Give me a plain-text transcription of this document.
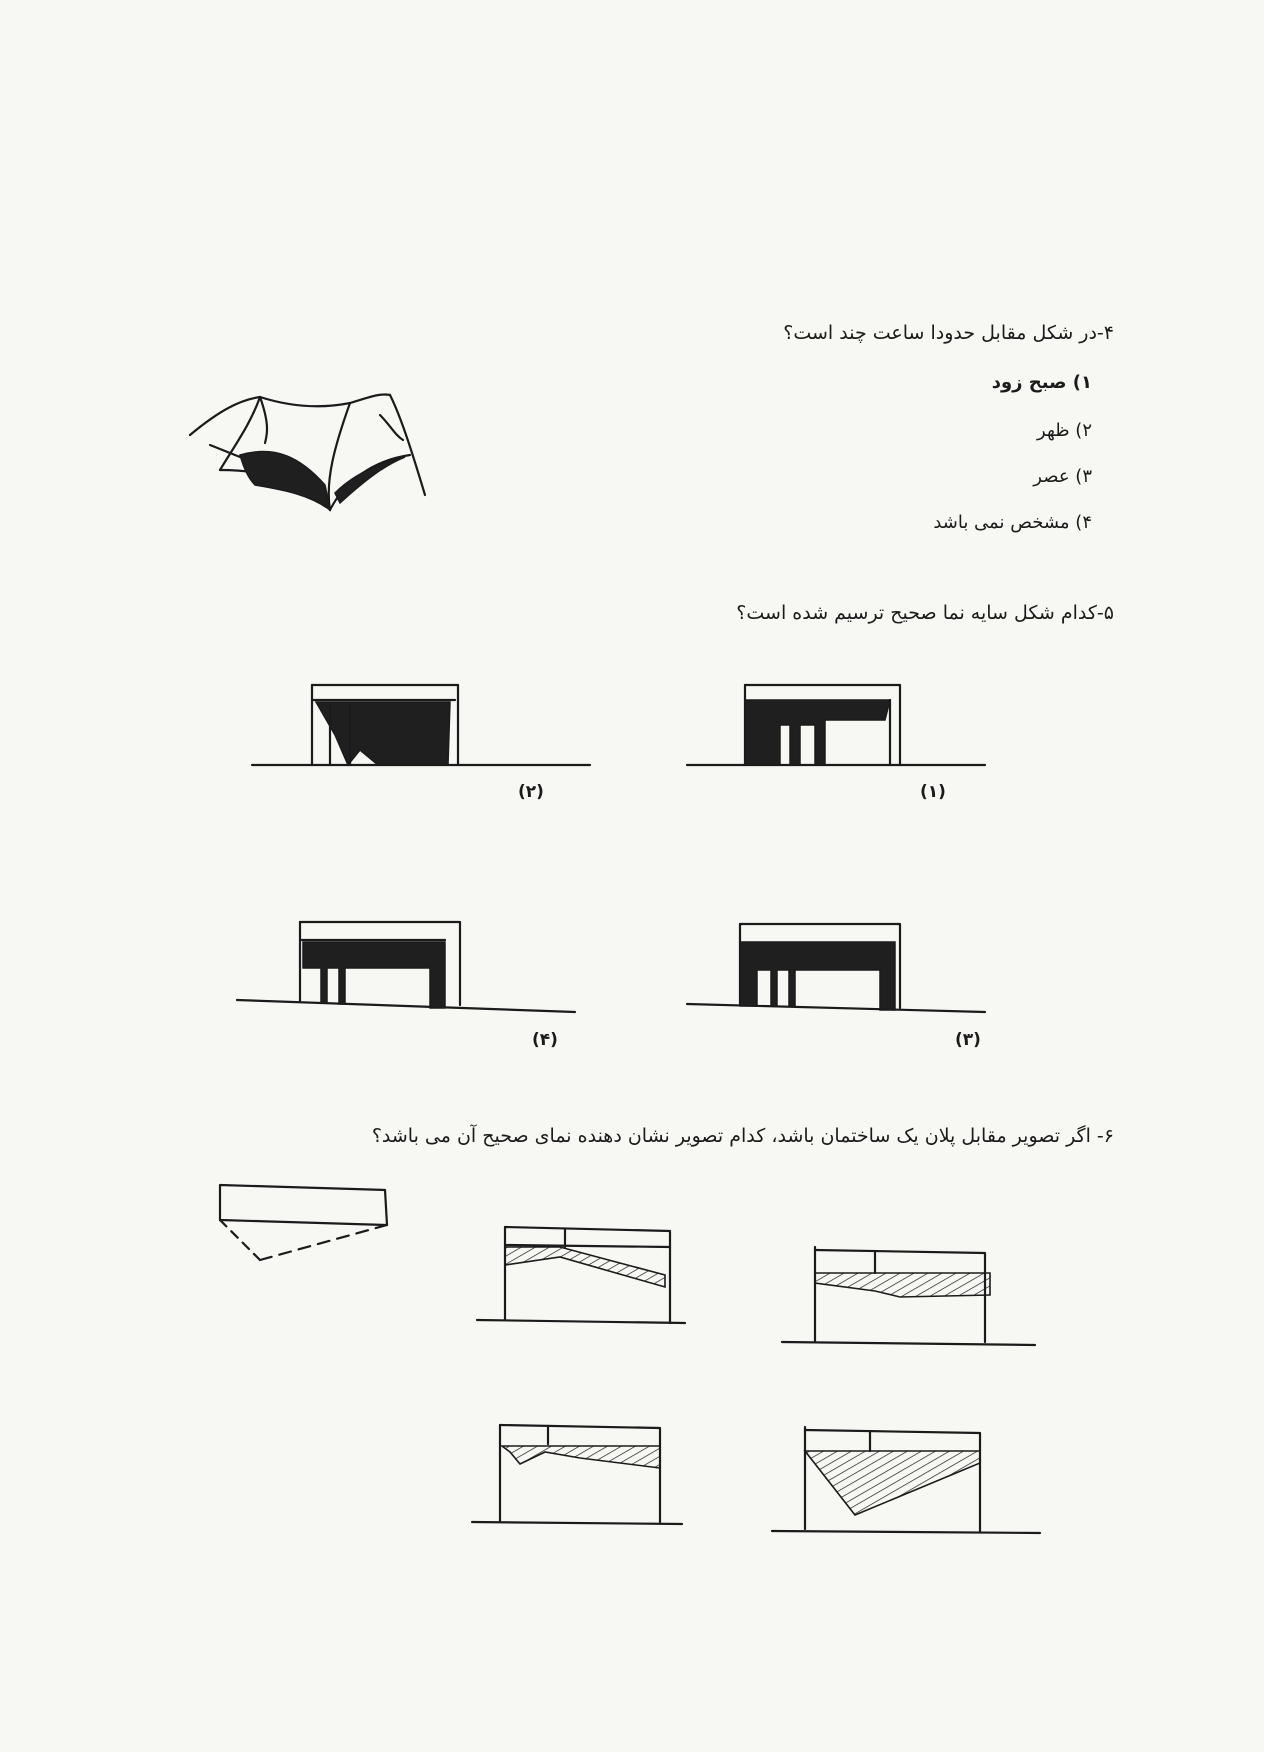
۴-در شکل مقابل حدودا ساعت چند است؟
۱) صبح زود
۲) ظهر
۳) عصر
۴) مشخص نمی باشد
۵-کدام شکل سایه نما صحیح ترسیم شده است؟
(۲)	(۱)
(۴)	(۳)
۶- اگر تصویر مقابل پلان یک ساختمان باشد، کدام تصویر نشان دهنده نمای صحیح آن می باشد؟
